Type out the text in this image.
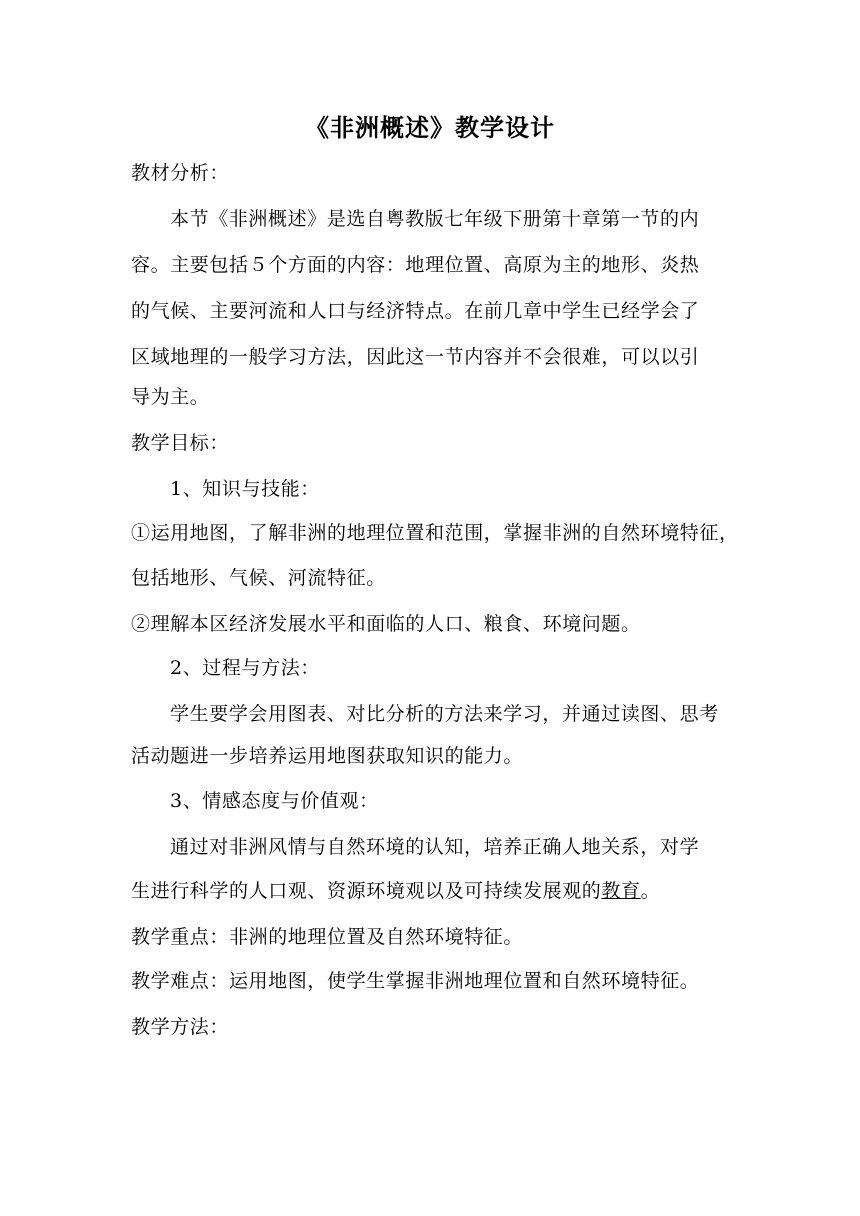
《非洲概述》教学设计
教材分析：
本节《非洲概述》是选自粤教版七年级下册第十章第一节的内
容。主要包括５个方面的内容：地理位置、高原为主的地形、炎热
的气候、主要河流和人口与经济特点。在前几章中学生已经学会了
区域地理的一般学习方法，因此这一节内容并不会很难，可以以引
导为主。
教学目标：
1、知识与技能：
①运用地图，了解非洲的地理位置和范围，掌握非洲的自然环境特征，
包括地形、气候、河流特征。
②理解本区经济发展水平和面临的人口、粮食、环境问题。
2、过程与方法：
学生要学会用图表、对比分析的方法来学习，并通过读图、思考
活动题进一步培养运用地图获取知识的能力。
3、情感态度与价值观：
通过对非洲风情与自然环境的认知，培养正确人地关系，对学
生进行科学的人口观、资源环境观以及可持续发展观的教育。
教学重点：非洲的地理位置及自然环境特征。
教学难点：运用地图，使学生掌握非洲地理位置和自然环境特征。
教学方法：
